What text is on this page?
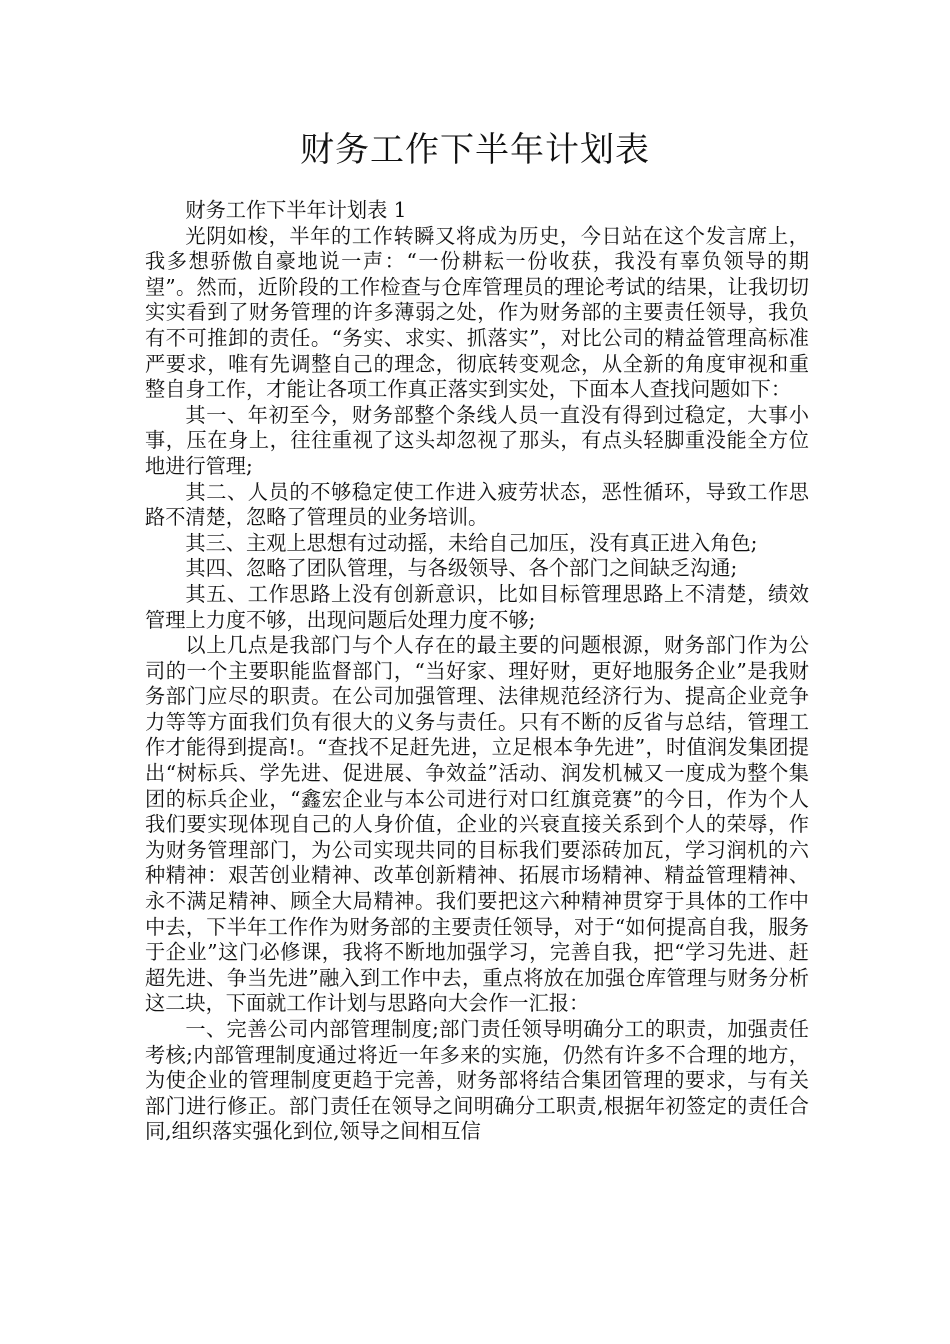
财务工作下半年计划表

财务工作下半年计划表 1

光阴如梭，半年的工作转瞬又将成为历史，今日站在这个发言席上，我多想骄傲自豪地说一声：“一份耕耘一份收获，我没有辜负领导的期望”。然而，近阶段的工作检查与仓库管理员的理论考试的结果，让我切切实实看到了财务管理的许多薄弱之处，作为财务部的主要责任领导，我负有不可推卸的责任。“务实、求实、抓落实”，对比公司的精益管理高标准严要求，唯有先调整自己的理念，彻底转变观念，从全新的角度审视和重整自身工作，才能让各项工作真正落实到实处，下面本人查找问题如下：

其一、年初至今，财务部整个条线人员一直没有得到过稳定，大事小事，压在身上，往往重视了这头却忽视了那头，有点头轻脚重没能全方位地进行管理;

其二、人员的不够稳定使工作进入疲劳状态，恶性循环，导致工作思路不清楚，忽略了管理员的业务培训。

其三、主观上思想有过动摇，未给自己加压，没有真正进入角色;

其四、忽略了团队管理，与各级领导、各个部门之间缺乏沟通;

其五、工作思路上没有创新意识，比如目标管理思路上不清楚，绩效管理上力度不够，出现问题后处理力度不够;

以上几点是我部门与个人存在的最主要的问题根源，财务部门作为公司的一个主要职能监督部门，“当好家、理好财，更好地服务企业”是我财务部门应尽的职责。在公司加强管理、法律规范经济行为、提高企业竞争力等等方面我们负有很大的义务与责任。只有不断的反省与总结，管理工作才能得到提高!。“查找不足赶先进，立足根本争先进”，时值润发集团提出“树标兵、学先进、促进展、争效益”活动、润发机械又一度成为整个集团的标兵企业，“鑫宏企业与本公司进行对口红旗竞赛”的今日，作为个人我们要实现体现自己的人身价值，企业的兴衰直接关系到个人的荣辱，作为财务管理部门，为公司实现共同的目标我们要添砖加瓦，学习润机的六种精神：艰苦创业精神、改革创新精神、拓展市场精神、精益管理精神、永不满足精神、顾全大局精神。我们要把这六种精神贯穿于具体的工作中中去，下半年工作作为财务部的主要责任领导，对于“如何提高自我，服务于企业”这门必修课，我将不断地加强学习，完善自我，把“学习先进、赶超先进、争当先进”融入到工作中去，重点将放在加强仓库管理与财务分析这二块，下面就工作计划与思路向大会作一汇报：

一、完善公司内部管理制度;部门责任领导明确分工的职责，加强责任考核;内部管理制度通过将近一年多来的实施，仍然有许多不合理的地方，为使企业的管理制度更趋于完善，财务部将结合集团管理的要求，与有关部门进行修正。部门责任在领导之间明确分工职责,根据年初签定的责任合同,组织落实强化到位,领导之间相互信
